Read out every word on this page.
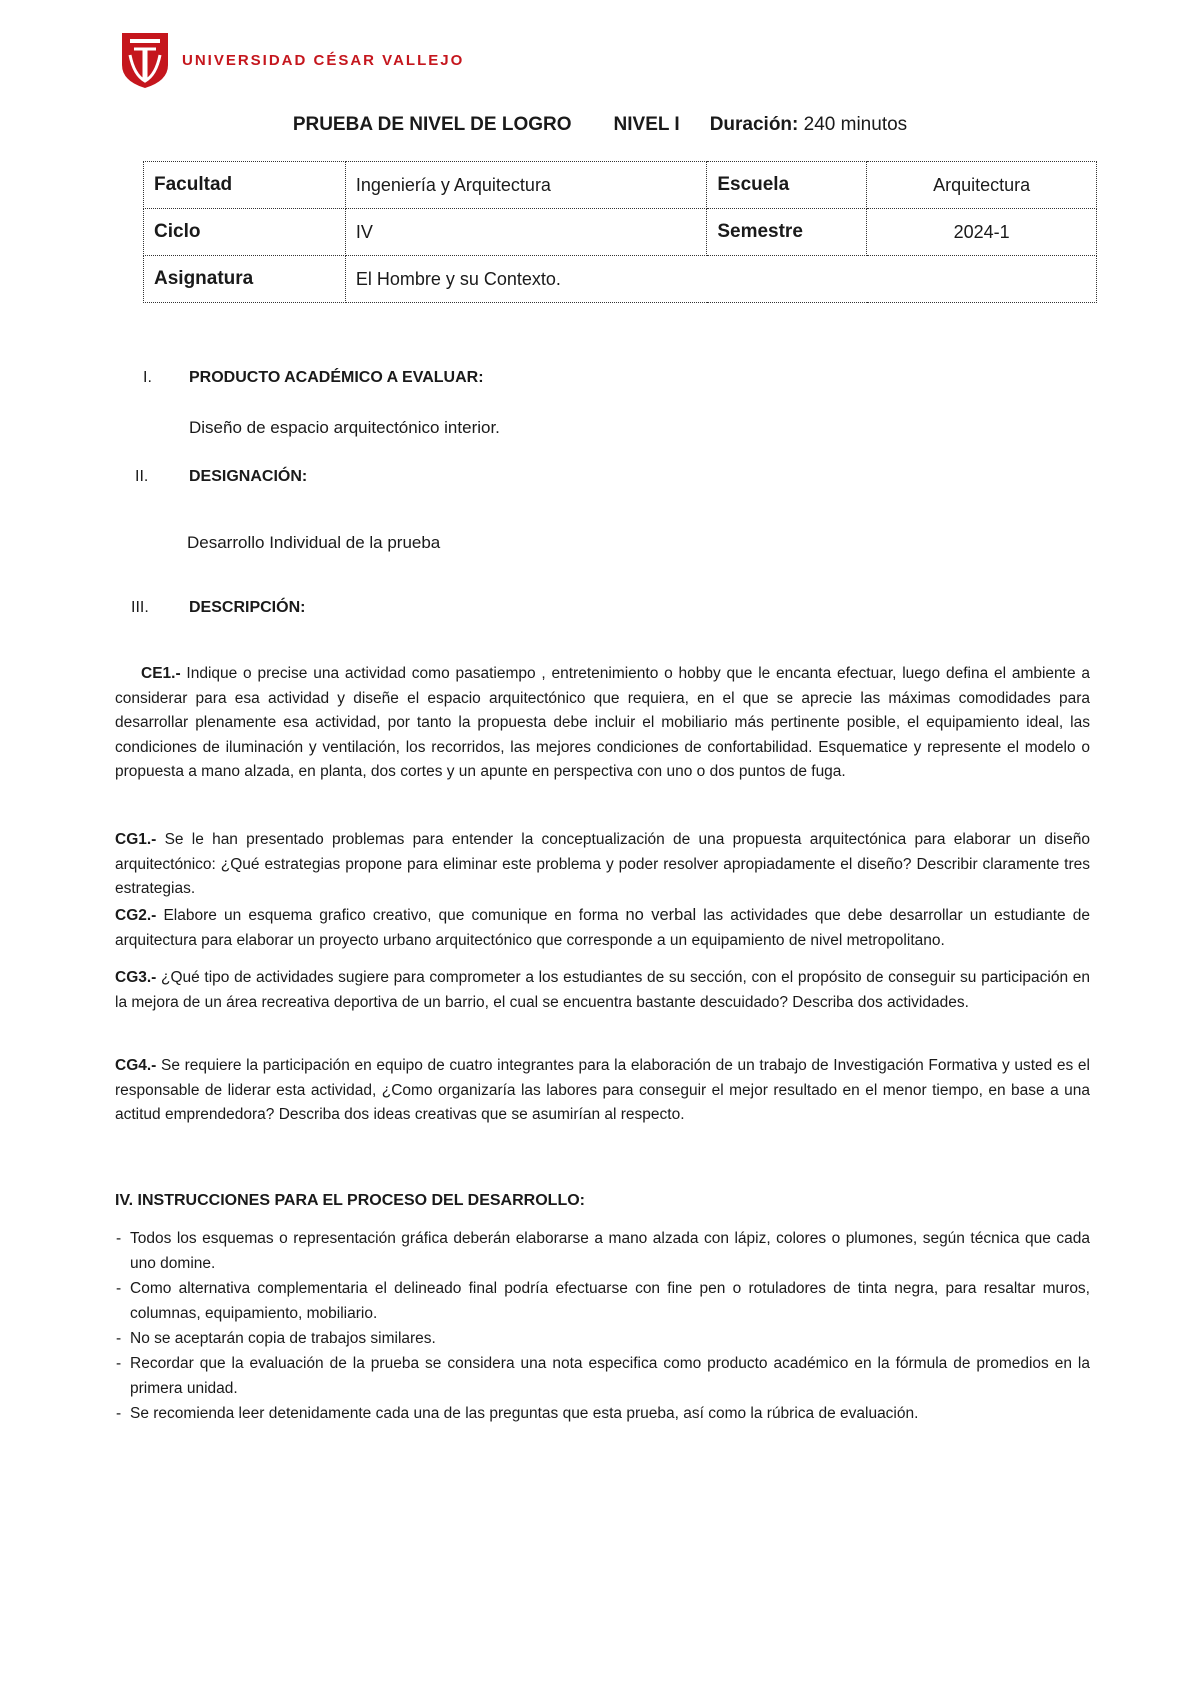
UNIVERSIDAD CÉSAR VALLEJO
PRUEBA DE NIVEL DE LOGRO NIVEL I Duración: 240 minutos
Facultad	Ingeniería y Arquitectura	Escuela	Arquitectura
Ciclo	IV	Semestre	2024-1
Asignatura	El Hombre y su Contexto.		
I. PRODUCTO ACADÉMICO A EVALUAR:
Diseño de espacio arquitectónico interior.
II.	DESIGNACIÓN:
Desarrollo Individual de la prueba
III.	DESCRIPCIÓN:
CE1.- Indique o precise una actividad como pasatiempo , entretenimiento o hobby que le encanta efectuar, luego defina el ambiente a considerar para esa actividad y diseñe el espacio arquitectónico que requiera, en el que se aprecie las máximas comodidades para desarrollar plenamente esa actividad, por tanto la propuesta debe incluir el mobiliario más pertinente posible, el equipamiento ideal, las condiciones de iluminación y ventilación, los recorridos, las mejores condiciones de confortabilidad. Esquematice y represente el modelo o propuesta a mano alzada, en planta, dos cortes y un apunte en perspectiva con uno o dos puntos de fuga.
CG1.- Se le han presentado problemas para entender la conceptualización de una propuesta arquitectónica para elaborar un diseño arquitectónico: ¿Qué estrategias propone para eliminar este problema y poder resolver apropiadamente el diseño? Describir claramente tres estrategias.
CG2.- Elabore un esquema grafico creativo, que comunique en forma no verbal las actividades que debe desarrollar un estudiante de arquitectura para elaborar un proyecto urbano arquitectónico que corresponde a un equipamiento de nivel metropolitano.
CG3.- ¿Qué tipo de actividades sugiere para comprometer a los estudiantes de su sección, con el propósito de conseguir su participación en la mejora de un área recreativa deportiva de un barrio, el cual se encuentra bastante descuidado? Describa dos actividades.
CG4.- Se requiere la participación en equipo de cuatro integrantes para la elaboración de un trabajo de Investigación Formativa y usted es el responsable de liderar esta actividad, ¿Como organizaría las labores para conseguir el mejor resultado en el menor tiempo, en base a una actitud emprendedora? Describa dos ideas creativas que se asumirían al respecto.
IV. INSTRUCCIONES PARA EL PROCESO DEL DESARROLLO:
- Todos los esquemas o representación gráfica deberán elaborarse a mano alzada con lápiz, colores o plumones, según técnica que cada uno domine.
- Como alternativa complementaria el delineado final podría efectuarse con fine pen o rotuladores de tinta negra, para resaltar muros, columnas, equipamiento, mobiliario.
- No se aceptarán copia de trabajos similares.
- Recordar que la evaluación de la prueba se considera una nota especifica como producto académico en la fórmula de promedios en la primera unidad.
- Se recomienda leer detenidamente cada una de las preguntas que esta prueba, así como la rúbrica de evaluación.
